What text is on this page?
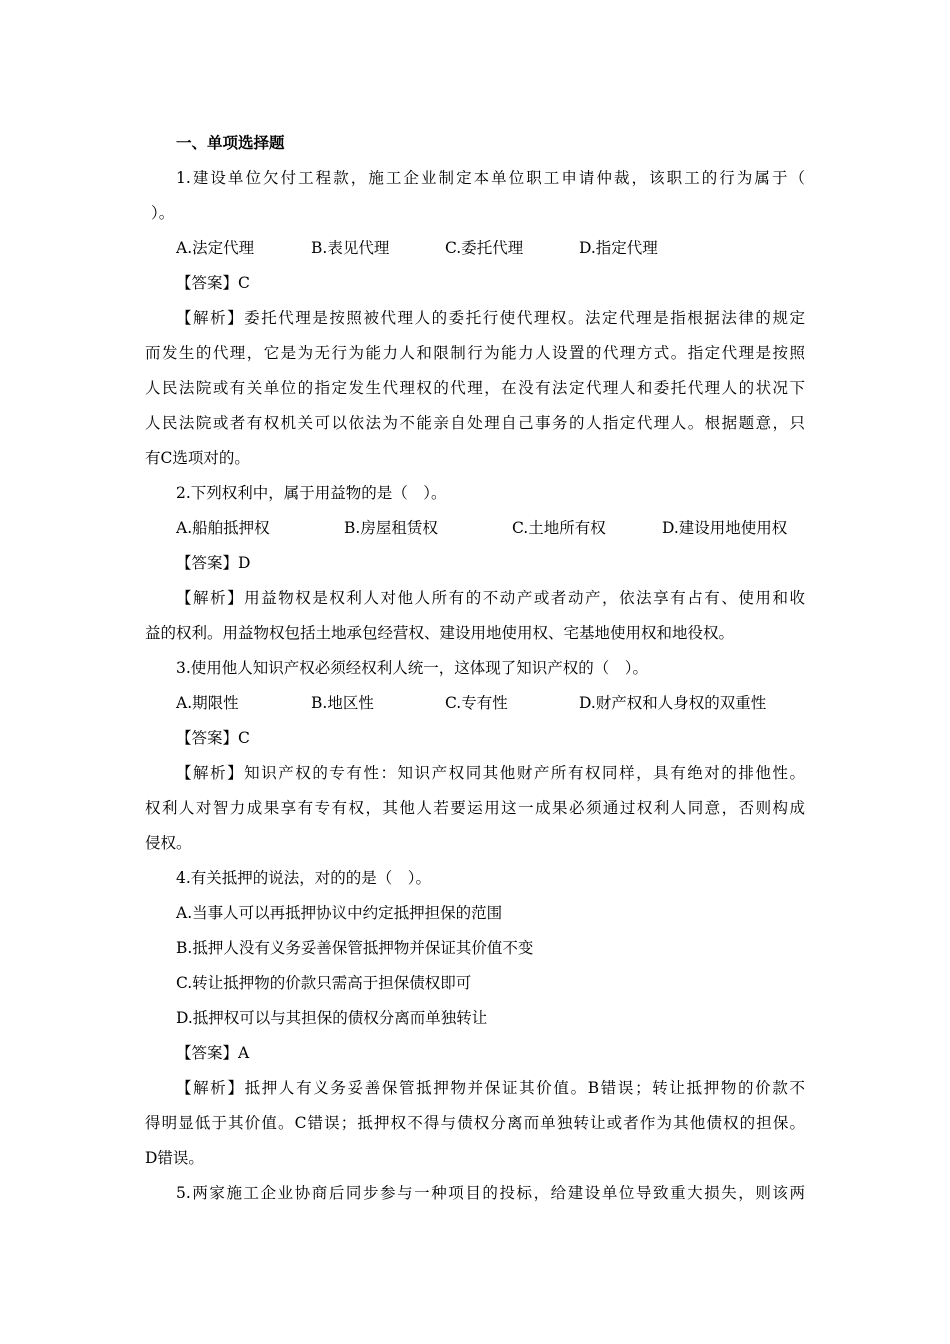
一、单项选择题
1.建设单位欠付工程款，施工企业制定本单位职工申请仲裁，该职工的行为属于（
）。
A.法定代理	B.表见代理	C.委托代理	D.指定代理
【答案】C
【解析】委托代理是按照被代理人的委托行使代理权。法定代理是指根据法律的规定
而发生的代理，它是为无行为能力人和限制行为能力人设置的代理方式。指定代理是按照
人民法院或有关单位的指定发生代理权的代理，在没有法定代理人和委托代理人的状况下
人民法院或者有权机关可以依法为不能亲自处理自己事务的人指定代理人。根据题意，只
有C选项对的。
2.下列权利中，属于用益物的是（　）。
A.船舶抵押权	B.房屋租赁权	C.土地所有权	D.建设用地使用权
【答案】D
【解析】用益物权是权利人对他人所有的不动产或者动产，依法享有占有、使用和收
益的权利。用益物权包括土地承包经营权、建设用地使用权、宅基地使用权和地役权。
3.使用他人知识产权必须经权利人统一，这体现了知识产权的（　）。
A.期限性	B.地区性	C.专有性	D.财产权和人身权的双重性
【答案】C
【解析】知识产权的专有性：知识产权同其他财产所有权同样，具有绝对的排他性。
权利人对智力成果享有专有权，其他人若要运用这一成果必须通过权利人同意，否则构成
侵权。
4.有关抵押的说法，对的的是（　）。
A.当事人可以再抵押协议中约定抵押担保的范围
B.抵押人没有义务妥善保管抵押物并保证其价值不变
C.转让抵押物的价款只需高于担保债权即可
D.抵押权可以与其担保的债权分离而单独转让
【答案】A
【解析】抵押人有义务妥善保管抵押物并保证其价值。B错误；转让抵押物的价款不
得明显低于其价值。C错误；抵押权不得与债权分离而单独转让或者作为其他债权的担保。
D错误。
5.两家施工企业协商后同步参与一种项目的投标，给建设单位导致重大损失，则该两
